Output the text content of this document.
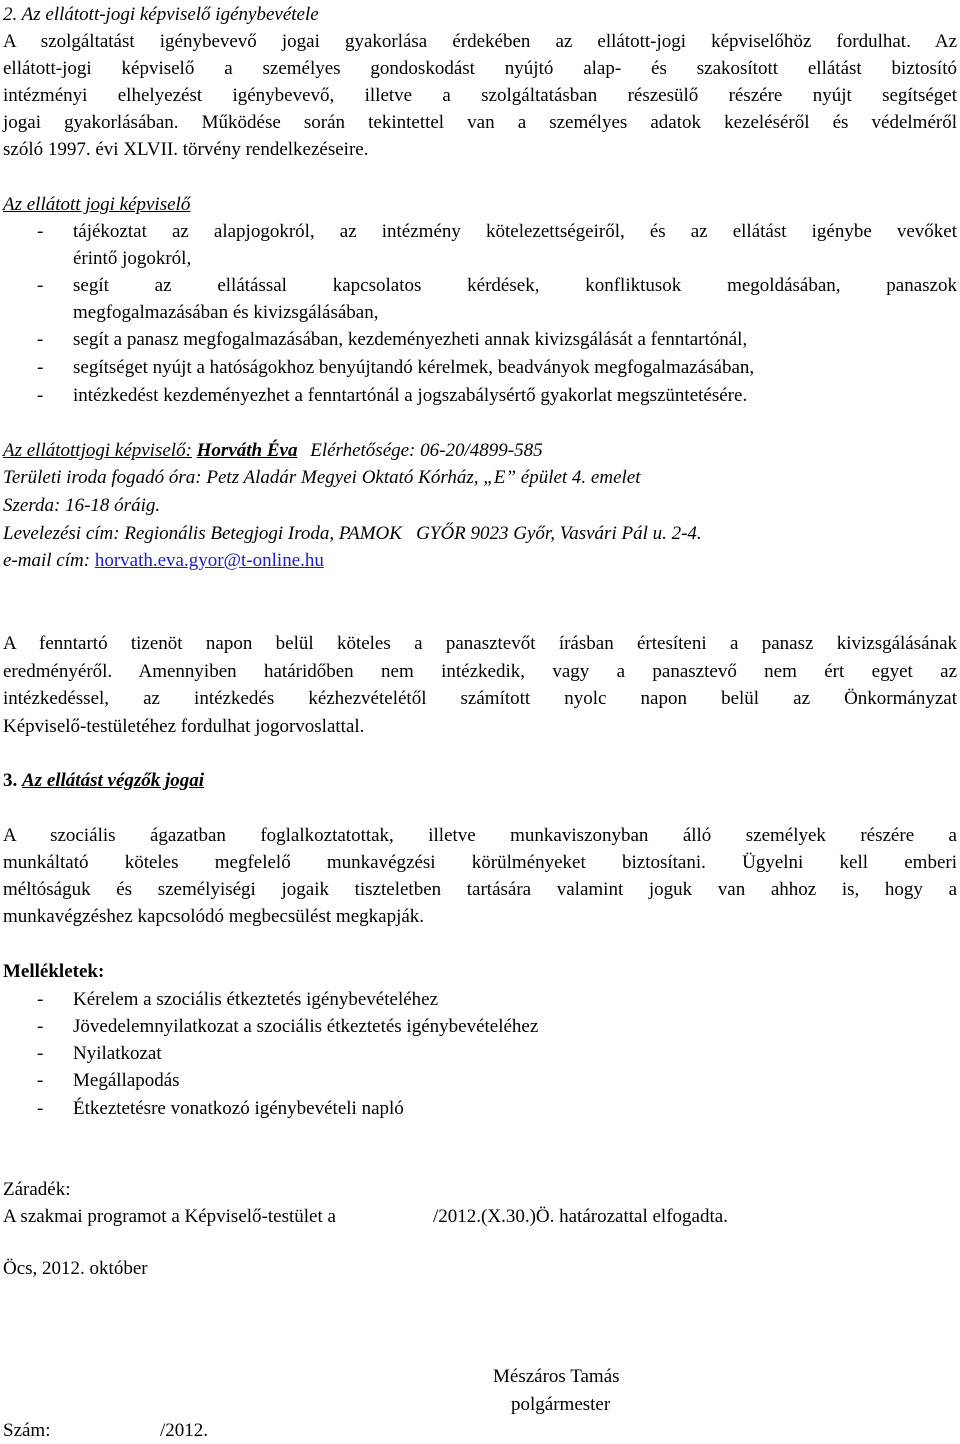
2. Az ellátott-jogi képviselő igénybevétele
A szolgáltatást igénybevevő jogai gyakorlása érdekében az ellátott-jogi képviselőhöz fordulhat. Az
ellátott-jogi képviselő a személyes gondoskodást nyújtó alap- és szakosított ellátást biztosító
intézményi elhelyezést igénybevevő, illetve a szolgáltatásban részesülő részére nyújt segítséget
jogai gyakorlásában. Működése során tekintettel van a személyes adatok kezeléséről és védelméről
szóló 1997. évi XLVII. törvény rendelkezéseire.
Az ellátott jogi képviselő
- tájékoztat az alapjogokról, az intézmény kötelezettségeiről, és az ellátást igénybe vevőket
érintő jogokról,
- segít az ellátással kapcsolatos kérdések, konfliktusok megoldásában, panaszok
megfogalmazásában és kivizsgálásában,
- segít a panasz megfogalmazásában, kezdeményezheti annak kivizsgálását a fenntartónál,
- segítséget nyújt a hatóságokhoz benyújtandó kérelmek, beadványok megfogalmazásában,
- intézkedést kezdeményezhet a fenntartónál a jogszabálysértő gyakorlat megszüntetésére.
Az ellátottjogi képviselő: Horváth Éva Elérhetősége: 06-20/4899-585
Területi iroda fogadó óra: Petz Aladár Megyei Oktató Kórház, „E” épület 4. emelet
Szerda: 16-18 óráig.
Levelezési cím: Regionális Betegjogi Iroda, PAMOK   GYŐR 9023 Győr, Vasvári Pál u. 2-4.
e-mail cím: horvath.eva.gyor@t-online.hu
A fenntartó tizenöt napon belül köteles a panasztevőt írásban értesíteni a panasz kivizsgálásának
eredményéről. Amennyiben határidőben nem intézkedik, vagy a panasztevő nem ért egyet az
intézkedéssel, az intézkedés kézhezvételétől számított nyolc napon belül az Önkormányzat
Képviselő-testületéhez fordulhat jogorvoslattal.
3. Az ellátást végzők jogai
A szociális ágazatban foglalkoztatottak, illetve munkaviszonyban álló személyek részére a
munkáltató köteles megfelelő munkavégzési körülményeket biztosítani. Ügyelni kell emberi
méltóságuk és személyiségi jogaik tiszteletben tartására valamint joguk van ahhoz is, hogy a
munkavégzéshez kapcsolódó megbecsülést megkapják.
Mellékletek:
- Kérelem a szociális étkeztetés igénybevételéhez
- Jövedelemnyilatkozat a szociális étkeztetés igénybevételéhez
- Nyilatkozat
- Megállapodás
- Étkeztetésre vonatkozó igénybevételi napló
Záradék:
A szakmai programot a Képviselő-testület a	/2012.(X.30.)Ö. határozattal elfogadta.
Öcs, 2012. október
Mészáros Tamás
polgármester
Szám:	/2012.
